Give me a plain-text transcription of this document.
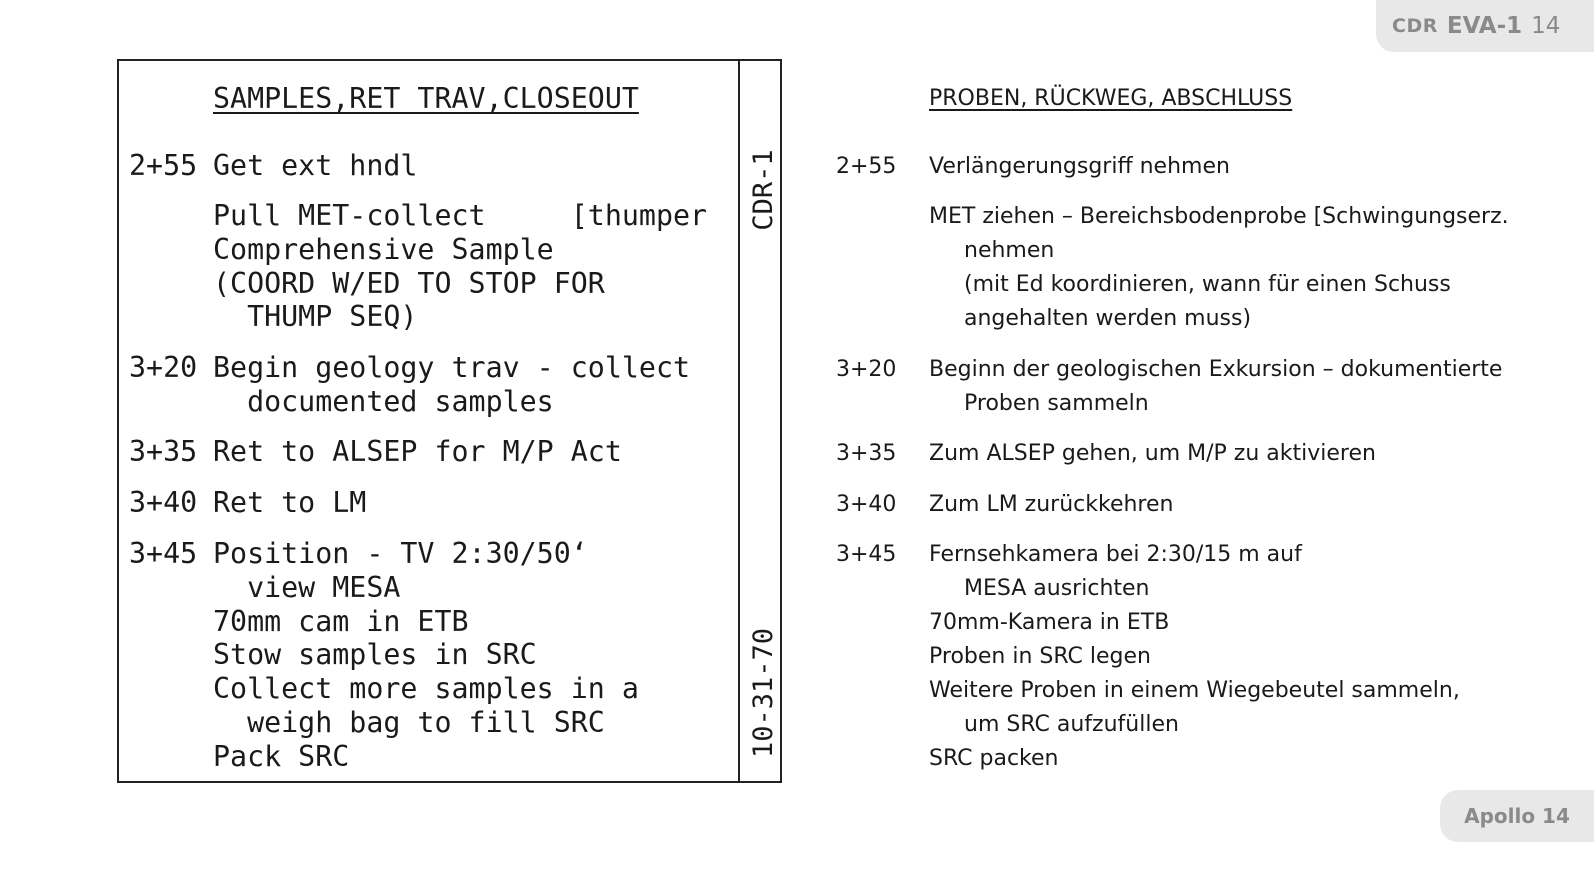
CDR EVA-1 14
SAMPLES,RET TRAV,CLOSEOUT

2+55

Get ext hndl

Pull MET-collect     [thumper

Comprehensive Sample

(COORD W/ED TO STOP FOR

THUMP SEQ)

3+20

Begin geology trav - collect

documented samples

3+35

Ret to ALSEP for M/P Act

3+40

Ret to LM

3+45

Position - TV 2:30/50‘

view MESA

70mm cam in ETB

Stow samples in SRC

Collect more samples in a

weigh bag to fill SRC

Pack SRC

CDR-1
10-31-70
PROBEN, RÜCKWEG, ABSCHLUSS
2+55 Verlängerungsgriff nehmen
MET ziehen – Bereichsbodenprobe [Schwingungserz.
nehmen
(mit Ed koordinieren, wann für einen Schuss
angehalten werden muss)
3+20 Beginn der geologischen Exkursion – dokumentierte
Proben sammeln
3+35 Zum ALSEP gehen, um M/P zu aktivieren
3+40 Zum LM zurückkehren
3+45 Fernsehkamera bei 2:30/15 m auf
MESA ausrichten
70mm-Kamera in ETB
Proben in SRC legen
Weitere Proben in einem Wiegebeutel sammeln,
um SRC aufzufüllen
SRC packen
Apollo 14
